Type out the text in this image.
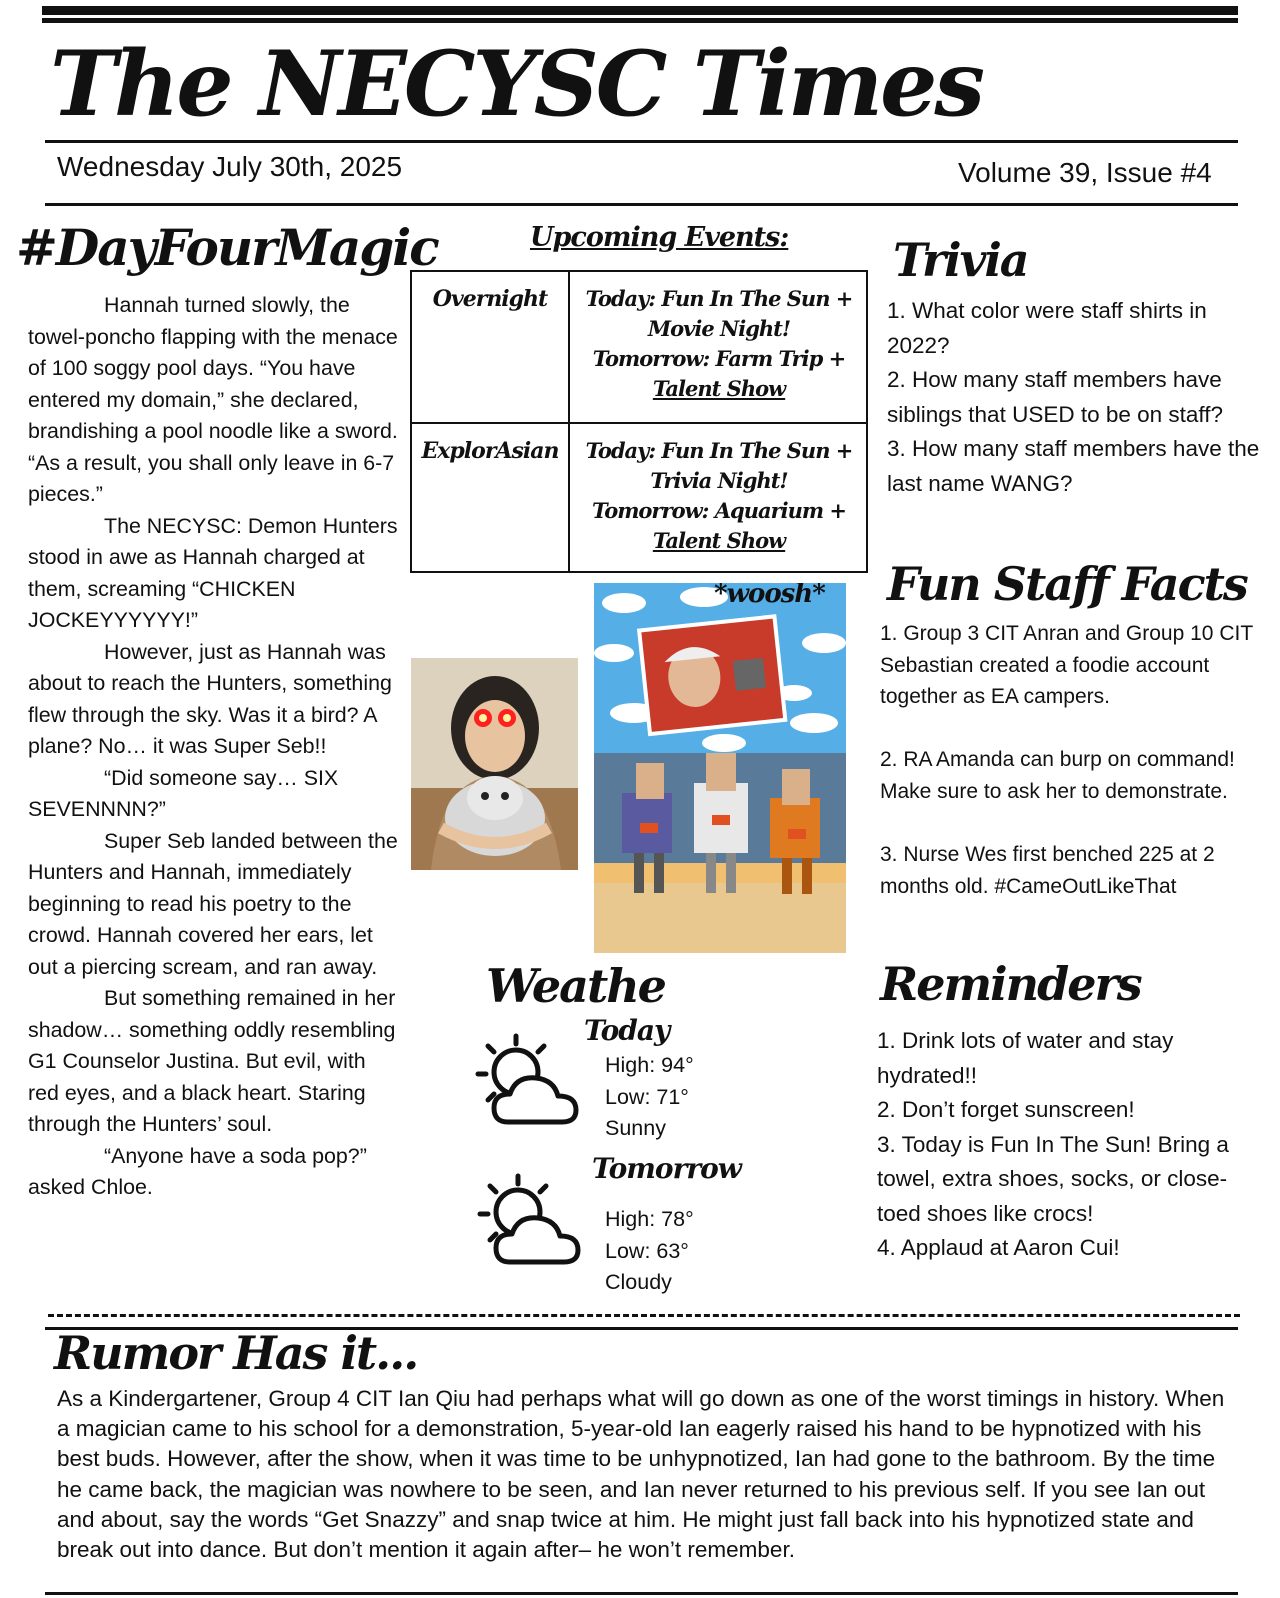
The NECYSC Times
Wednesday July 30th, 2025	Volume 39, Issue #4
#DayFourMagic

Hannah turned slowly, the towel-poncho flapping with the menace of 100 soggy pool days. “You have entered my domain,” she declared, brandishing a pool noodle like a sword. “As a result, you shall only leave in 6-7 pieces.”

The NECYSC: Demon Hunters stood in awe as Hannah charged at them, screaming “CHICKEN JOCKEYYYYYY!”

However, just as Hannah was about to reach the Hunters, something flew through the sky. Was it a bird? A plane? No… it was Super Seb!!

“Did someone say… SIX SEVENNNN?”

Super Seb landed between the Hunters and Hannah, immediately beginning to read his poetry to the crowd. Hannah covered her ears, let out a piercing scream, and ran away.

But something remained in her shadow… something oddly resembling G1 Counselor Justina. But evil, with red eyes, and a black heart. Staring through the Hunters’ soul.

“Anyone have a soda pop?” asked Chloe.

Upcoming Events:
Overnight	Today: Fun In The Sun +
Movie Night!
Tomorrow: Farm Trip +
Talent Show
ExplorAsian	Today: Fun In The Sun +
Trivia Night!
Tomorrow: Aquarium +
Talent Show
*woosh*
Weathe
Today
High: 94°
Low: 71°
Sunny
Tomorrow
High: 78°
Low: 63°
Cloudy
Trivia
1. What color were staff shirts in 2022?
2. How many staff members have siblings that USED to be on staff?
3. How many staff members have the last name WANG?
Fun Staff Facts

1. Group 3 CIT Anran and Group 10 CIT Sebastian created a foodie account together as EA campers.

2. RA Amanda can burp on command! Make sure to ask her to demonstrate.

3. Nurse Wes first benched 225 at 2 months old. #CameOutLikeThat

Reminders
1. Drink lots of water and stay hydrated!!
2. Don’t forget sunscreen!
3. Today is Fun In The Sun! Bring a towel, extra shoes, socks, or close-toed shoes like crocs!
4. Applaud at Aaron Cui!
Rumor Has it...
As a Kindergartener, Group 4 CIT Ian Qiu had perhaps what will go down as one of the worst timings in history. When a magician came to his school for a demonstration, 5-year-old Ian eagerly raised his hand to be hypnotized with his best buds. However, after the show, when it was time to be unhypnotized, Ian had gone to the bathroom. By the time he came back, the magician was nowhere to be seen, and Ian never returned to his previous self. If you see Ian out and about, say the words “Get Snazzy” and snap twice at him. He might just fall back into his hypnotized state and break out into dance. But don’t mention it again after– he won’t remember.
